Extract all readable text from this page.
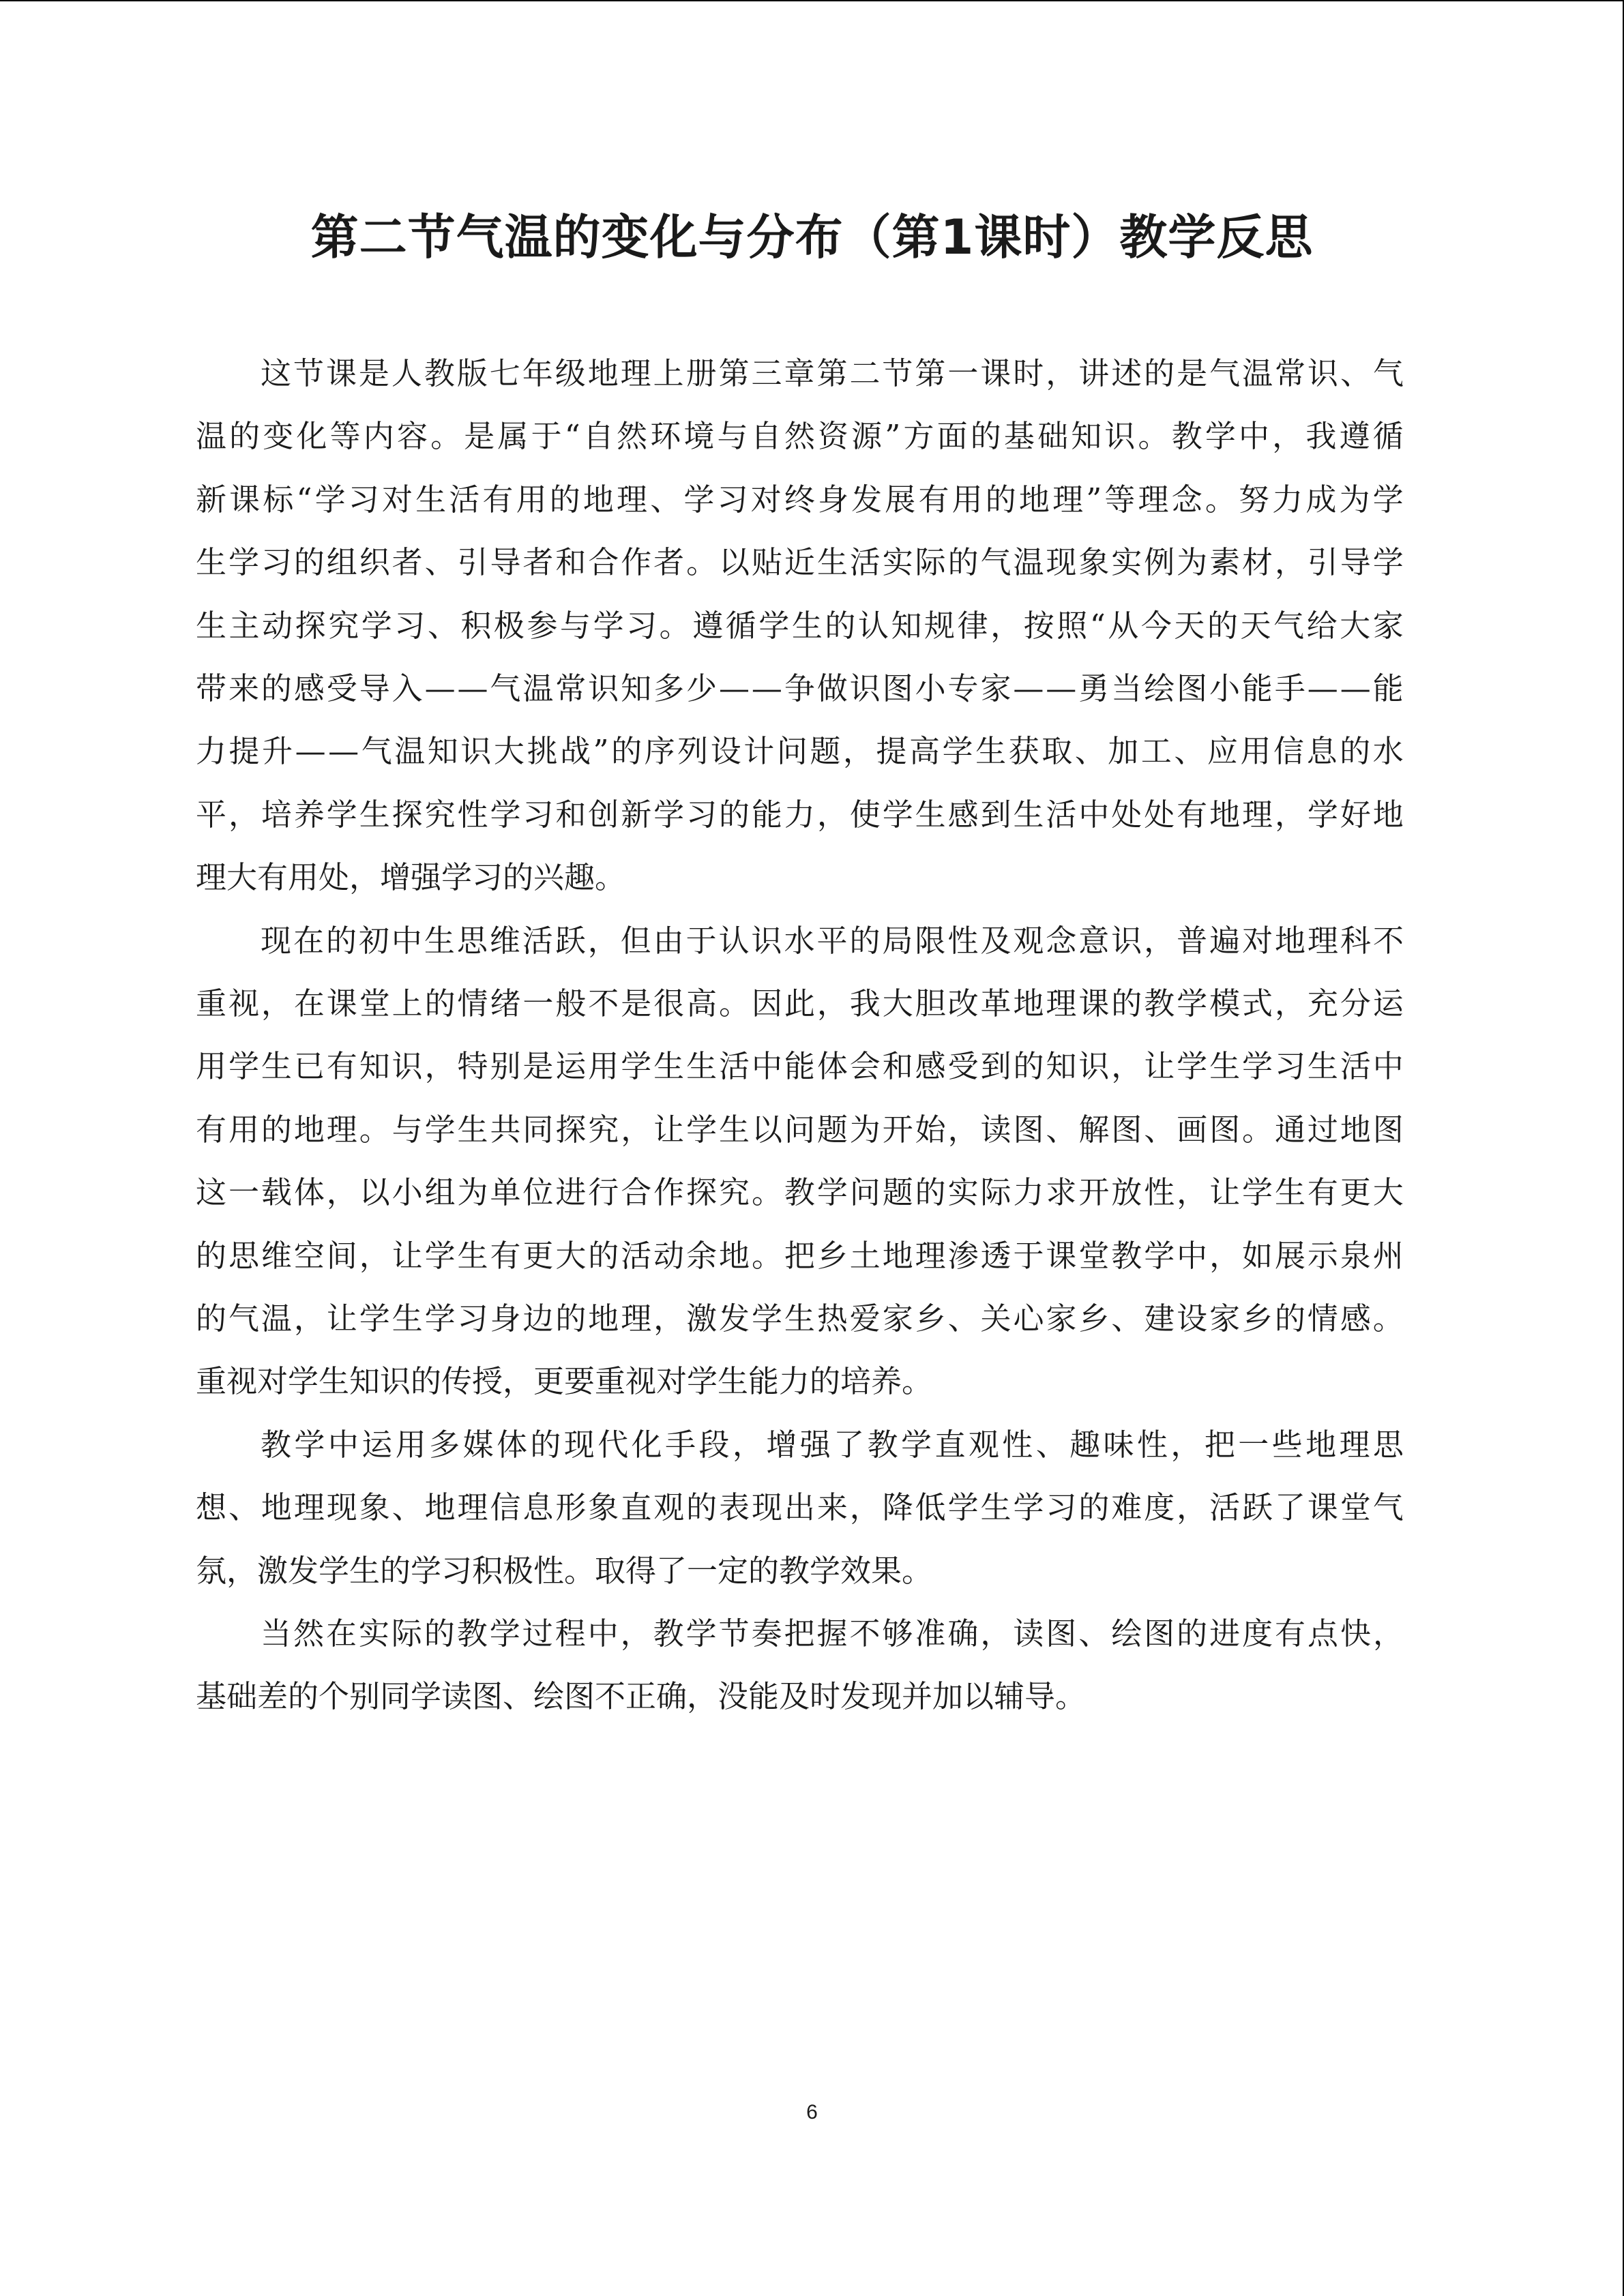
第二节气温的变化与分布（第1课时）教学反思
这 节 课 是 人 教 版 七 年 级 地 理 上 册 第 三 章 第 二 节 第 一 课 时 ， 讲 述 的 是 气 温 常 识 、 气
温 的 变 化 等 内 容 。 是 属 于 “ 自 然 环 境 与 自 然 资 源 ” 方 面 的 基 础 知 识 。 教 学 中 ， 我 遵 循
新 课 标 “ 学 习 对 生 活 有 用 的 地 理 、 学 习 对 终 身 发 展 有 用 的 地 理 ” 等 理 念 。 努 力 成 为 学
生 学 习 的 组 织 者 、 引 导 者 和 合 作 者 。 以 贴 近 生 活 实 际 的 气 温 现 象 实 例 为 素 材 ， 引 导 学
生 主 动 探 究 学 习 、 积 极 参 与 学 习 。 遵 循 学 生 的 认 知 规 律 ， 按 照 “ 从 今 天 的 天 气 给 大 家
带 来 的 感 受 导 入 — — 气 温 常 识 知 多 少 — — 争 做 识 图 小 专 家 — — 勇 当 绘 图 小 能 手 — — 能
力 提 升 — — 气 温 知 识 大 挑 战 ” 的 序 列 设 计 问 题 ， 提 高 学 生 获 取 、 加 工 、 应 用 信 息 的 水
平 ， 培 养 学 生 探 究 性 学 习 和 创 新 学 习 的 能 力 ， 使 学 生 感 到 生 活 中 处 处 有 地 理 ， 学 好 地
理大有用处，增强学习的兴趣。
现 在 的 初 中 生 思 维 活 跃 ， 但 由 于 认 识 水 平 的 局 限 性 及 观 念 意 识 ， 普 遍 对 地 理 科 不
重 视 ， 在 课 堂 上 的 情 绪 一 般 不 是 很 高 。 因 此 ， 我 大 胆 改 革 地 理 课 的 教 学 模 式 ， 充 分 运
用 学 生 已 有 知 识 ， 特 别 是 运 用 学 生 生 活 中 能 体 会 和 感 受 到 的 知 识 ， 让 学 生 学 习 生 活 中
有 用 的 地 理 。 与 学 生 共 同 探 究 ， 让 学 生 以 问 题 为 开 始 ， 读 图 、 解 图 、 画 图 。 通 过 地 图
这 一 载 体 ， 以 小 组 为 单 位 进 行 合 作 探 究 。 教 学 问 题 的 实 际 力 求 开 放 性 ， 让 学 生 有 更 大
的 思 维 空 间 ， 让 学 生 有 更 大 的 活 动 余 地 。 把 乡 土 地 理 渗 透 于 课 堂 教 学 中 ， 如 展 示 泉 州
的 气 温 ， 让 学 生 学 习 身 边 的 地 理 ， 激 发 学 生 热 爱 家 乡 、 关 心 家 乡 、 建 设 家 乡 的 情 感 。
重视对学生知识的传授，更要重视对学生能力的培养。
教 学 中 运 用 多 媒 体 的 现 代 化 手 段 ， 增 强 了 教 学 直 观 性 、 趣 味 性 ， 把 一 些 地 理 思
想 、 地 理 现 象 、 地 理 信 息 形 象 直 观 的 表 现 出 来 ， 降 低 学 生 学 习 的 难 度 ， 活 跃 了 课 堂 气
氛，激发学生的学习积极性。取得了一定的教学效果。
当 然 在 实 际 的 教 学 过 程 中 ， 教 学 节 奏 把 握 不 够 准 确 ， 读 图 、 绘 图 的 进 度 有 点 快 ，
基础差的个别同学读图、绘图不正确，没能及时发现并加以辅导。
6
